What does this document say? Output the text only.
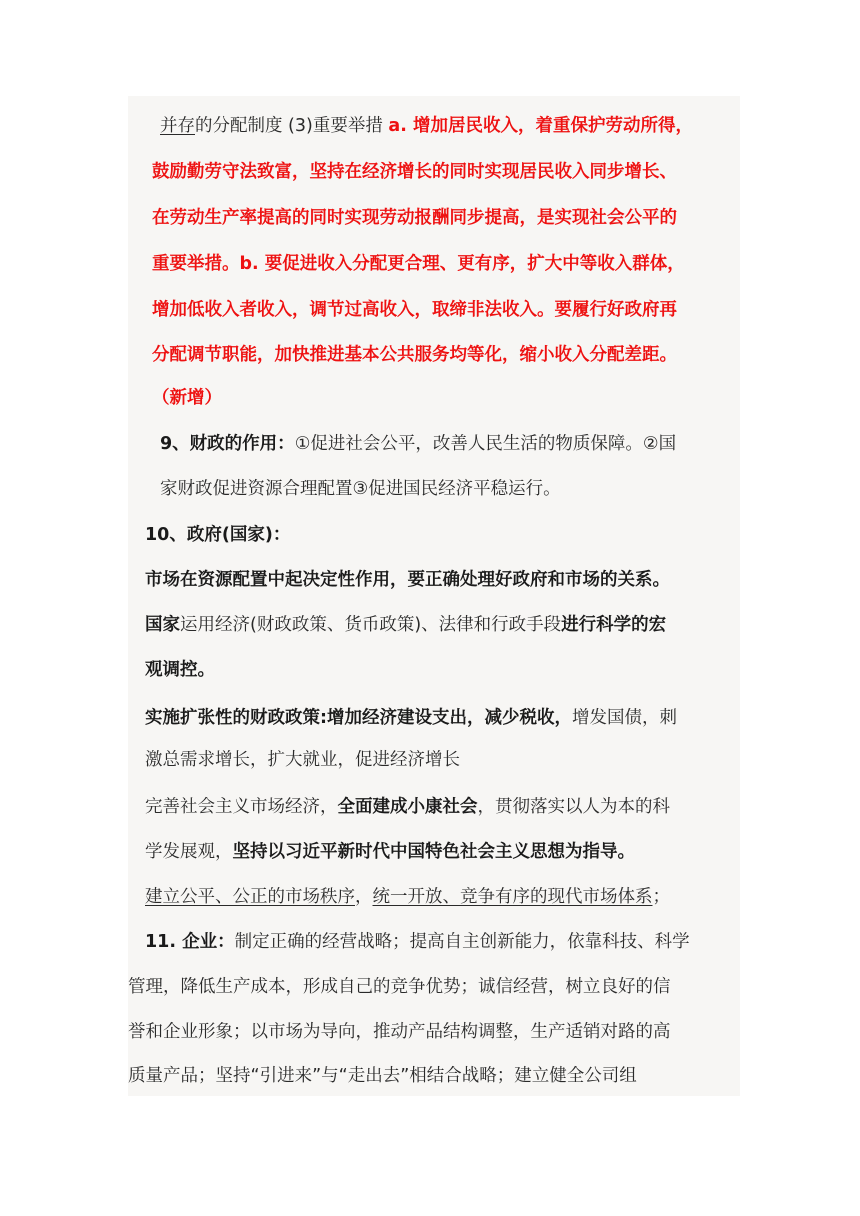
并存的分配制度 (3)重要举措 a. 增加居民收入，着重保护劳动所得，
鼓励勤劳守法致富，坚持在经济增长的同时实现居民收入同步增长、
在劳动生产率提高的同时实现劳动报酬同步提高，是实现社会公平的
重要举措。b. 要促进收入分配更合理、更有序，扩大中等收入群体，
增加低收入者收入，调节过高收入，取缔非法收入。要履行好政府再
分配调节职能，加快推进基本公共服务均等化，缩小收入分配差距。
（新增）
9、财政的作用：①促进社会公平，改善人民生活的物质保障。②国
家财政促进资源合理配置③促进国民经济平稳运行。
10、政府(国家)：
市场在资源配置中起决定性作用，要正确处理好政府和市场的关系。
国家运用经济(财政政策、货币政策)、法律和行政手段进行科学的宏
观调控。
实施扩张性的财政政策:增加经济建设支出，减少税收，增发国债，刺
激总需求增长，扩大就业，促进经济增长
完善社会主义市场经济，全面建成小康社会，贯彻落实以人为本的科
学发展观，坚持以习近平新时代中国特色社会主义思想为指导。
建立公平、公正的市场秩序，统一开放、竞争有序的现代市场体系；
11. 企业：制定正确的经营战略；提高自主创新能力，依靠科技、科学
管理，降低生产成本，形成自己的竞争优势；诚信经营，树立良好的信
誉和企业形象；以市场为导向，推动产品结构调整，生产适销对路的高
质量产品；坚持“引进来”与“走出去”相结合战略；建立健全公司组
